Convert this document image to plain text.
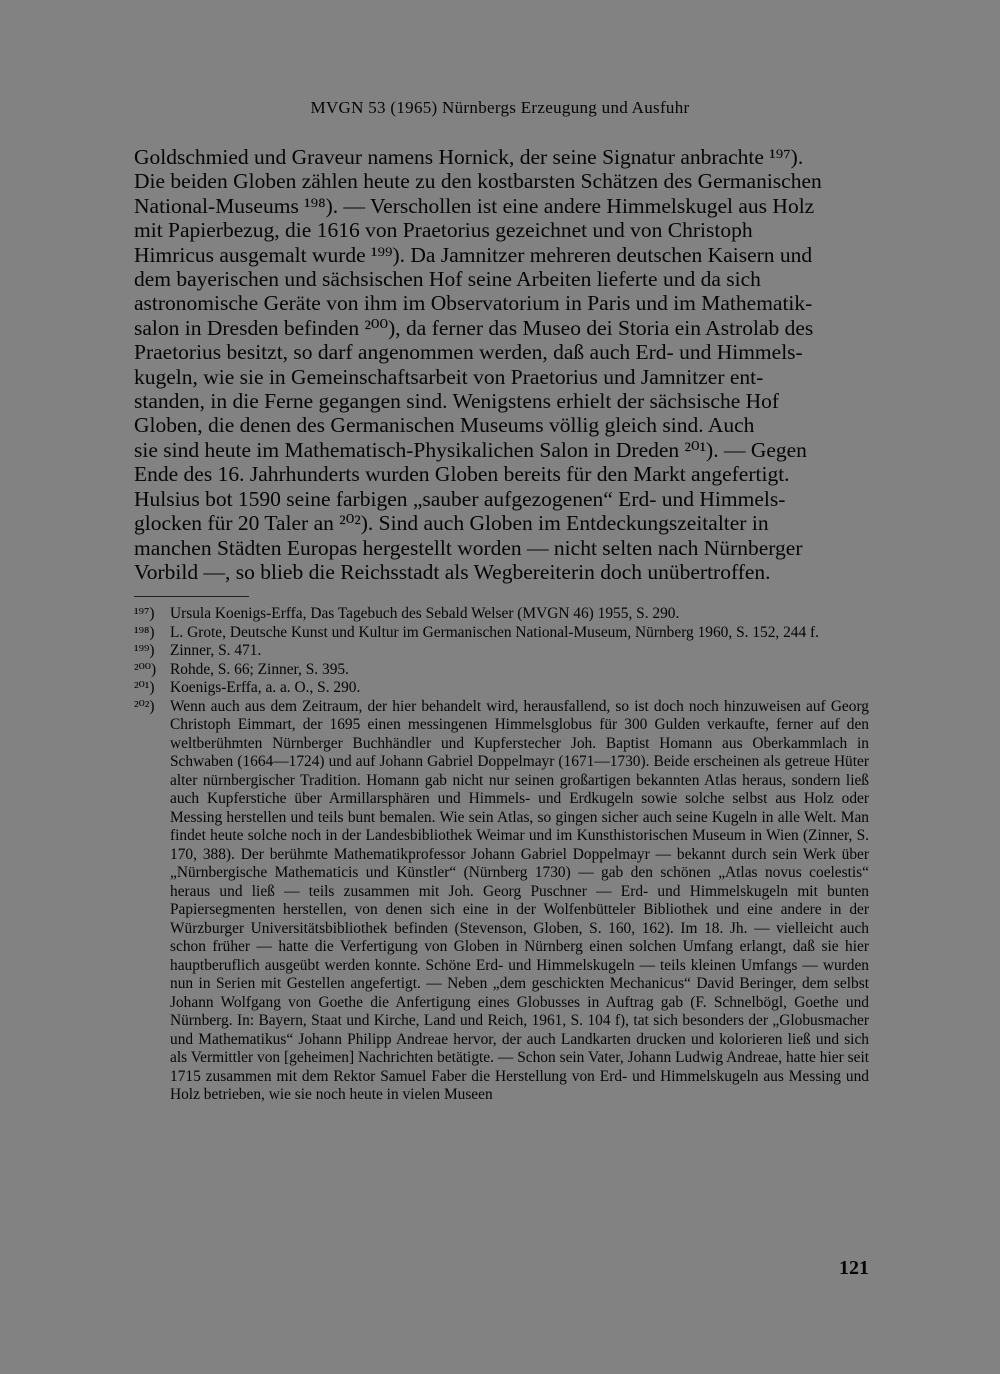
MVGN 53 (1965) Nürnbergs Erzeugung und Ausfuhr

Goldschmied und Graveur namens Hornick, der seine Signatur anbrachte ¹⁹⁷).

Die beiden Globen zählen heute zu den kostbarsten Schätzen des Germanischen

National-Museums ¹⁹⁸). — Verschollen ist eine andere Himmelskugel aus Holz

mit Papierbezug, die 1616 von Praetorius gezeichnet und von Christoph

Himricus ausgemalt wurde ¹⁹⁹). Da Jamnitzer mehreren deutschen Kaisern und

dem bayerischen und sächsischen Hof seine Arbeiten lieferte und da sich

astronomische Geräte von ihm im Observatorium in Paris und im Mathematik-

salon in Dresden befinden ²⁰⁰), da ferner das Museo dei Storia ein Astrolab des

Praetorius besitzt, so darf angenommen werden, daß auch Erd- und Himmels-

kugeln, wie sie in Gemeinschaftsarbeit von Praetorius und Jamnitzer ent-

standen, in die Ferne gegangen sind. Wenigstens erhielt der sächsische Hof

Globen, die denen des Germanischen Museums völlig gleich sind. Auch

sie sind heute im Mathematisch-Physikalichen Salon in Dreden ²⁰¹). — Gegen

Ende des 16. Jahrhunderts wurden Globen bereits für den Markt angefertigt.

Hulsius bot 1590 seine farbigen „sauber aufgezogenen“ Erd- und Himmels-

glocken für 20 Taler an ²⁰²). Sind auch Globen im Entdeckungszeitalter in

manchen Städten Europas hergestellt worden — nicht selten nach Nürnberger

Vorbild —, so blieb die Reichsstadt als Wegbereiterin doch unübertroffen.

¹⁹⁷)	Ursula Koenigs-Erffa, Das Tagebuch des Sebald Welser (MVGN 46) 1955, S. 290.
¹⁹⁸)	L. Grote, Deutsche Kunst und Kultur im Germanischen National-Museum, Nürnberg 1960, S. 152, 244 f.
¹⁹⁹)	Zinner, S. 471.
²⁰⁰) Rohde, S. 66; Zinner, S. 395.
²⁰¹)	Koenigs-Erffa, a. a. O., S. 290.
²⁰²)	Wenn auch aus dem Zeitraum, der hier behandelt wird, herausfallend, so ist doch noch hinzuweisen auf Georg Christoph Eimmart, der 1695 einen messingenen Himmelsglobus für 300 Gulden verkaufte, ferner auf den weltberühmten Nürnberger Buchhändler und Kupferstecher Joh. Baptist Homann aus Oberkammlach in Schwaben (1664—1724) und auf Johann Gabriel Doppelmayr (1671—1730). Beide erscheinen als getreue Hüter alter nürnbergischer Tradition. Homann gab nicht nur seinen großartigen bekannten Atlas heraus, sondern ließ auch Kupferstiche über Armillarsphären und Himmels- und Erdkugeln sowie solche selbst aus Holz oder Messing herstellen und teils bunt bemalen. Wie sein Atlas, so gingen sicher auch seine Kugeln in alle Welt. Man findet heute solche noch in der Landesbibliothek Weimar und im Kunsthistorischen Museum in Wien (Zinner, S. 170, 388). Der berühmte Mathematikprofessor Johann Gabriel Doppelmayr — bekannt durch sein Werk über „Nürnbergische Mathematicis und Künstler“ (Nürnberg 1730) — gab den schönen „Atlas novus coelestis“ heraus und ließ — teils zusammen mit Joh. Georg Puschner — Erd- und Himmelskugeln mit bunten Papiersegmenten herstellen, von denen sich eine in der Wolfenbütteler Bibliothek und eine andere in der Würzburger Universitätsbibliothek befinden (Stevenson, Globen, S. 160, 162). Im 18. Jh. — vielleicht auch schon früher — hatte die Verfertigung von Globen in Nürnberg einen solchen Umfang erlangt, daß sie hier hauptberuflich ausgeübt werden konnte. Schöne Erd- und Himmelskugeln — teils kleinen Umfangs — wurden nun in Serien mit Gestellen angefertigt. — Neben „dem geschickten Mechanicus“ David Beringer, dem selbst Johann Wolfgang von Goethe die Anfertigung eines Globusses in Auftrag gab (F. Schnelbögl, Goethe und Nürnberg. In: Bayern, Staat und Kirche, Land und Reich, 1961, S. 104 f), tat sich besonders der „Globusmacher und Mathematikus“ Johann Philipp Andreae hervor, der auch Landkarten drucken und kolorieren ließ und sich als Vermittler von [geheimen] Nachrichten betätigte. — Schon sein Vater, Johann Ludwig Andreae, hatte hier seit 1715 zusammen mit dem Rektor Samuel Faber die Herstellung von Erd- und Himmelskugeln aus Messing und Holz betrieben, wie sie noch heute in vielen Museen
121
